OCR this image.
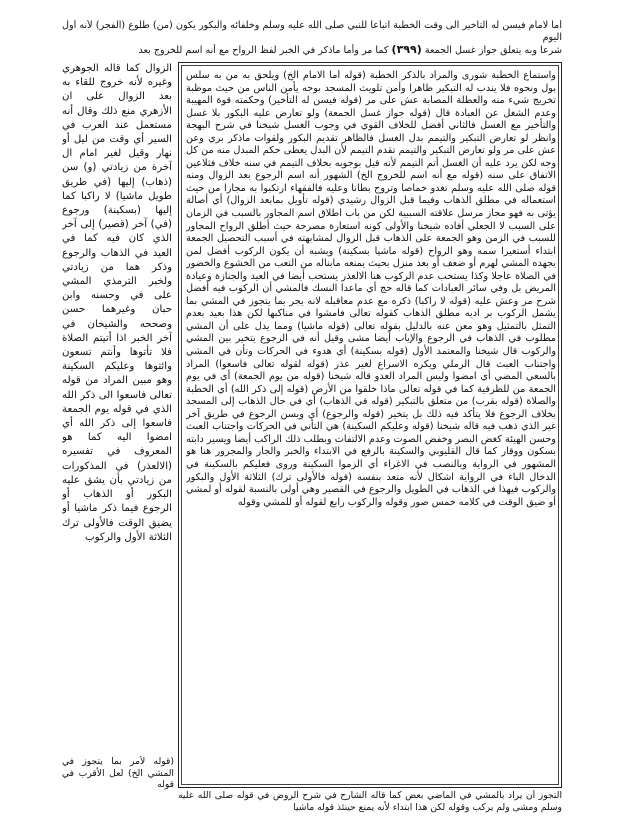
أما لامام فيسن له التأخير الى وقت الخطبة اتباعا للنبي صلى الله عليه وسلم وخلفائه والبكور يكون (من) طلوع (الفجر) لأنه أول اليوم
شرعا وبه يتعلق جواز غسل الجمعة (٣٩٩) كما مر وأما ماذكر في الخبر لفظ الرواح مع أنه اسم للخروج بعد

واستماع الخطبة شورى والمراد بالذكر الخطبة (قوله أما الامام الخ) ويلحق به من به سلس بول ونحوه فلا يندب له التبكير ظاهرا وأمن تلويث المسجد بوجه يأمن الناس من حيث موظبة تخريج شيء منه والعطلة المصابة عش على مر (قوله فيسن له التأخير) وحكمته قوة المهيبة وعدم الشغل عن العبادة قال (قوله جواز غسل الجمعة) ولو تعارض عليه البكور بلا غسل والتأخير مع الغسل فالثاني أفضل للخلاف القوي في وجوب الغسل شيخنا في شرح البهجة وانظر لو تعارض التبكير والتيمم بدل الغسل فالظاهر تقديم البكور ولقوات ماذكر بري وعن عش على مر ولو تعارض التبكير والتيمم تقدم التيمم لأن البدل يعطى حكم المبدل منه من كل وجه لكن يرد عليه أن الغسل أتم التيمم لأنه قيل بوجوبه بخلاف التيمم في سنه خلاف فثلاعين الاتفاق على سنه (قوله مع أنه اسم للخروج الخ) الشهور أنه اسم الرجوع بعد الزوال ومنه قوله صلى الله عليه وسلم تغدو خماصا وتروح بطانا وعليه فالفقهاء ارتكبوا به مجازا من حيث استعماله في مطلق الذهاب وفيما قبل الزوال رشيدي (قوله تأويل بمابعد الزوال) أي أصالة يؤتى به فهو مجاز مرسل علاقته السببية لكن من باب اطلاق اسم المجاور بالسبب في الزمان على السبب لا الجعلي أفاده شيخنا والأولى كونه استعارة مصرحة حيث أطلق الرواح المجاور للسبب في الزمن وهو الجمعة على الذهاب قبل الزوال لمشابهته في أسبب التحصيل الجمعة ابتداء أستعيرا سمه وهو الرواح (قوله ماشيا بسكينة) وبشبه أن يكون الركوب أفضل لمن يجهده المشي لهرم أو ضعف أو بعد منزل بحيث يمنعه مابناله من التعب من الخشوع والخضور في الصلاة عاجلا وكذا يستحب عدم الركوب هنا الالعذر يستحب أيضا في العيد والجنازة وعيادة المريض بل وفي سائر العبادات كما قاله حج أي ماعدا النسك فالمشي أن الركوب فيه أفضل شرح مر وعش عليه (قوله لا راكبا) ذكره مع عدم معاقبله لانه يجر بما يتجوز في المشي بما يشمل الركوب بر اديه مطلق الذهاب كقوله تعالى فامشوا في مناكبها لكن هذا بعيد بعدم التمثل بالتمثيل وهو معن عنه بالدليل بقوله تعالى (قوله ماشيا) ومما يدل على أن المشي مطلوب في الذهاب في الرجوع والإياب أيضا مشى وقيل أنه في الرجوع يتخير بين المشي والركوب قال شيخنا والمعتمد الأول (قوله بسكينة) أي هدوء في الحركات وتأن في المشي واجتناب العبث قال الرملي ويكره الاسراع لغير عذر (قوله لقوله تعالى فاسعوا) المراد بالسعي المضي أي امضوا وليس المراد العدو قاله شيخنا (قوله من يوم الجمعة) أي في يوم الجمعة من للظرفية كما في قوله تعالى ماذا خلقوا من الأرض (قوله إلى ذكر الله) أي الخطبة والصلاة (قوله بقرب) من متعلق بالتبكير (قوله في الذهاب) أي في حال الذهاب إلى المسجد بخلاف الرجوع فلا يتأكد فيه ذلك بل يتخير (قوله والرجوع) أي ويسن الرجوع في طريق آخر غير الذي ذهب فيه قاله شيخنا (قوله وعليكم السكينة) هي التأني في الحركات واجتناب العبث وحسن الهيئة كغض البصر وخفض الصوت وعدم الالتفات وبطلب ذلك الراكب أيضا ويسير دابته بسكون ووقار كما قال القليوبي والسكينة بالرفع في الابتداء والخبر والجار والمجرور هنا هو المشهور في الرواية وبالنصب في الاغراء أي الزموا السكينة وروى فعليكم بالسكينة في الدخال الباء في الرواية اشكال لأنه متعد بنفسه (قوله فالأولى ترك) الثلاثة الأول والبكور والركوب فيهذا في الذهاب في الطويل والرجوع في القصير وهي أولى بالنسبة لقوله أو لمشي أو ضيق الوقت في كلامه خمس صور وقوله والركوب رابع لقوله أو للمشي وقوله

الزوال كما قاله الجوهري وغيره لأنه خروج للقاء به بعد الزوال على ان الأزهري منع ذلك وقال أنه مستعمل عند العرب في السير أي وقت من ليل أو نهار وقيل لغير امام ال آخرة من زيادتي (و) سن (ذهاب) إليها (في طريق طويل ماشيا) لا راكبا كما إليها (بسكينة) ورجوع (في) آخر (قصير) إلى آخر الذي كان فيه كما في العيد في الذهاب والرجوع وذكر هما من زيادتي ولخبر الترمذي المشي على في وحسنه وابن حبان وغيرهما حسن وصححه والشيخان في آخر الخبر اذا أتيتم الصلاة فلا تأتوها وأنتم تسعون وائتوها وعليكم السكينة وهو مبين المراد من قوله تعالى فاسعوا الى ذكر الله الذي في قوله يوم الجمعة فاسعوا إلى ذكر الله أي امضوا اليه كما هو المعروف في تفسيره (الالعذر) في المذكورات من زيادتي بأن يشق عليه البكور أو الذهاب أو الرجوع فيما ذكر ماشيا أو يضيق الوقت فالأولى ترك الثلاثة الأول والركوب

(قوله لأمر بما يتجوز في المشي الخ) لعل الأقرب في قوله

التجوز أن يراد بالمشي في الماضي بعض كما قاله الشارح في شرح الروض في قوله صلى الله عليه وسلم ومشى ولم يركب وقوله لكن هذا ابتداء لأنه يمنع حينئذ قوله ماشيا
